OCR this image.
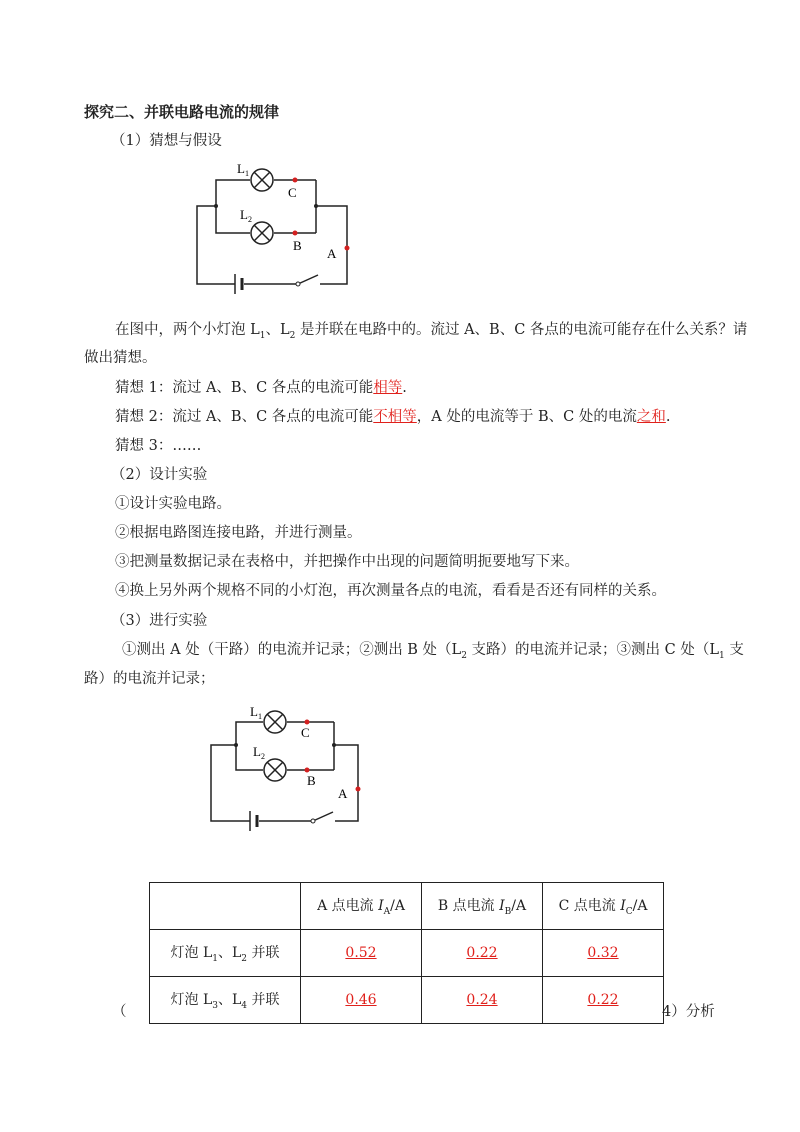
探究二、并联电路电流的规律
（1）猜想与假设
$L_1$
$L_2$
C
B
A
在图中，两个小灯泡 $L_1$、$L_2$ 是并联在电路中的。流过 A、B、C 各点的电流可能存在什么关系？请
做出猜想。
猜想 1：流过 A、B、C 各点的电流可能相等.
猜想 2：流过 A、B、C 各点的电流可能不相等，A 处的电流等于 B、C 处的电流之和.
猜想 3：……
（2）设计实验
①设计实验电路。
②根据电路图连接电路，并进行测量。
③把测量数据记录在表格中，并把操作中出现的问题简明扼要地写下来。
④换上另外两个规格不同的小灯泡，再次测量各点的电流，看看是否还有同样的关系。
（3）进行实验
①测出 A 处（干路）的电流并记录；②测出 B 处（$L_2$ 支路）的电流并记录；③测出 C 处（$L_1$ 支
路）的电流并记录；
$L_1$
$L_2$
C
B
A
	A 点电流 $I_A/A$	B 点电流 $I_B/A$	C 点电流 $I_C/A$
灯泡 $L_1$、$L_2$ 并联	0.52	0.22	0.32
灯泡 $L_3$、$L_4$ 并联	0.46	0.24	0.22
（	4）分析
